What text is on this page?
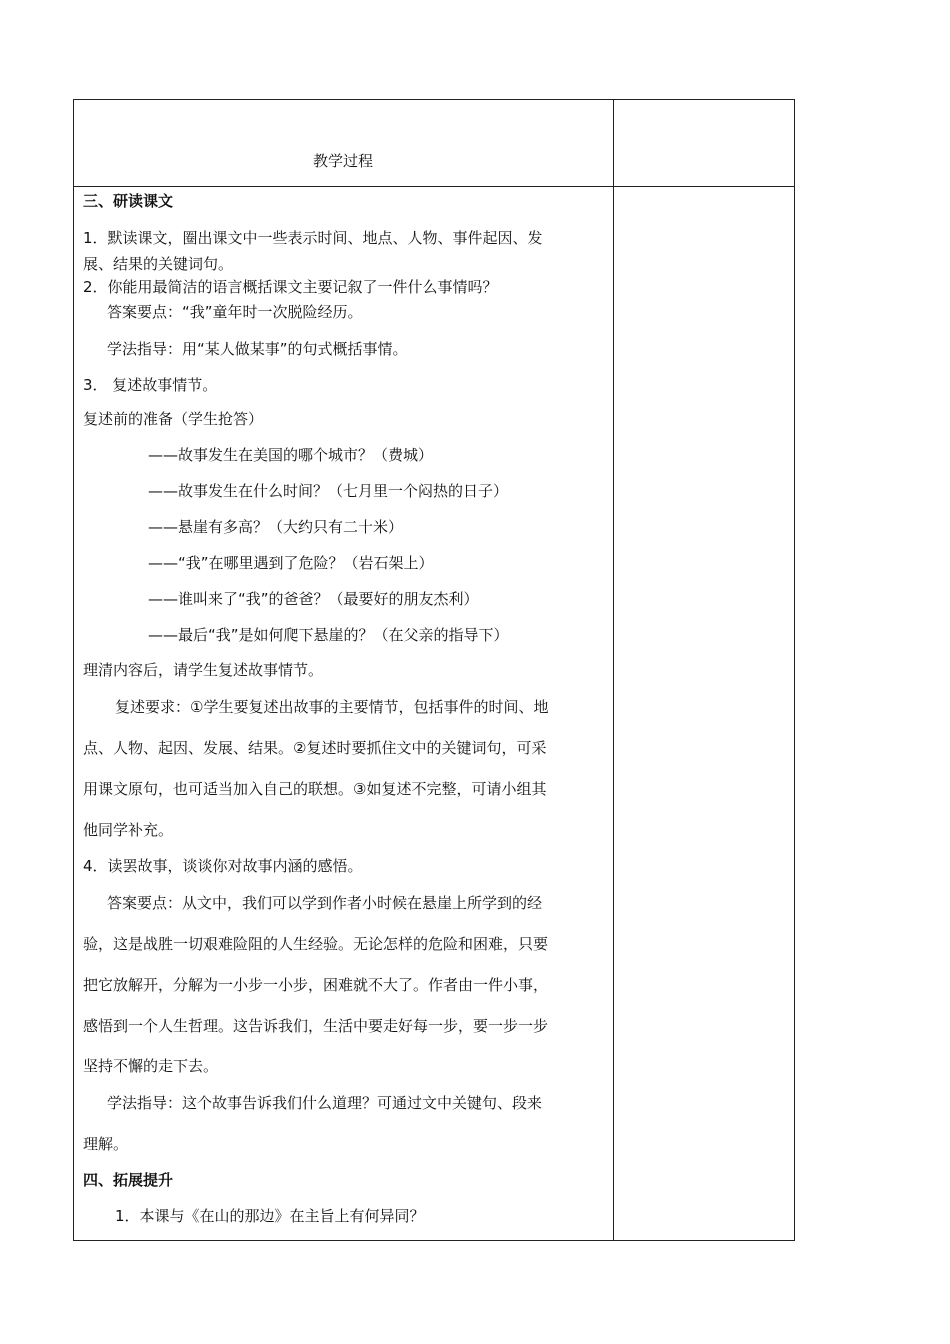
教学过程
三、研读课文
1．默读课文，圈出课文中一些表示时间、地点、人物、事件起因、发
展、结果的关键词句。
2．你能用最简洁的语言概括课文主要记叙了一件什么事情吗？
答案要点：“我”童年时一次脱险经历。
学法指导：用“某人做某事”的句式概括事情。
3． 复述故事情节。
复述前的准备（学生抢答）
——故事发生在美国的哪个城市？（费城）
——故事发生在什么时间？（七月里一个闷热的日子）
——悬崖有多高？（大约只有二十米）
——“我”在哪里遇到了危险？（岩石架上）
——谁叫来了“我”的爸爸？（最要好的朋友杰利）
——最后“我”是如何爬下悬崖的？（在父亲的指导下）
理清内容后，请学生复述故事情节。
复述要求：①学生要复述出故事的主要情节，包括事件的时间、地
点、人物、起因、发展、结果。②复述时要抓住文中的关键词句，可采
用课文原句，也可适当加入自己的联想。③如复述不完整，可请小组其
他同学补充。
4．读罢故事，谈谈你对故事内涵的感悟。
答案要点：从文中，我们可以学到作者小时候在悬崖上所学到的经
验，这是战胜一切艰难险阻的人生经验。无论怎样的危险和困难，只要
把它放解开，分解为一小步一小步，困难就不大了。作者由一件小事，
感悟到一个人生哲理。这告诉我们，生活中要走好每一步，要一步一步
坚持不懈的走下去。
学法指导：这个故事告诉我们什么道理？可通过文中关键句、段来
理解。
四、拓展提升
1．本课与《在山的那边》在主旨上有何异同？
